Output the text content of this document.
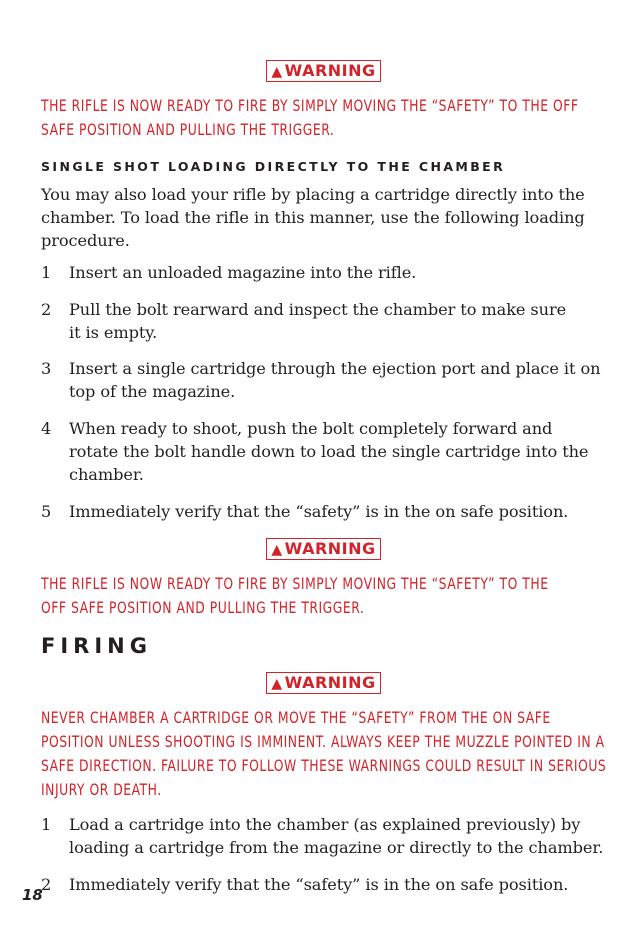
▲ WARNING

THE RIFLE IS NOW READY TO FIRE BY SIMPLY MOVING THE “SAFETY” TO THE OFF SAFE POSITION AND PULLING THE TRIGGER.

SINGLE SHOT LOADING DIRECTLY TO THE CHAMBER

You may also load your rifle by placing a cartridge directly into the chamber. To load the rifle in this manner, use the following loading procedure.

1	Insert an unloaded magazine into the rifle.
2	Pull the bolt rearward and inspect the chamber to make sure it is empty.
3	Insert a single cartridge through the ejection port and place it on top of the magazine.
4	When ready to shoot, push the bolt completely forward and rotate the bolt handle down to load the single cartridge into the chamber.
5	Immediately verify that the “safety” is in the on safe position.
▲ WARNING

THE RIFLE IS NOW READY TO FIRE BY SIMPLY MOVING THE “SAFETY” TO THE OFF SAFE POSITION AND PULLING THE TRIGGER.

FIRING

▲ WARNING

NEVER CHAMBER A CARTRIDGE OR MOVE THE “SAFETY” FROM THE ON SAFE POSITION UNLESS SHOOTING IS IMMINENT. ALWAYS KEEP THE MUZZLE POINTED IN A SAFE DIRECTION. FAILURE TO FOLLOW THESE WARNINGS COULD RESULT IN SERIOUS INJURY OR DEATH.

1	Load a cartridge into the chamber (as explained previously) by loading a cartridge from the magazine or directly to the chamber.
2	Immediately verify that the “safety” is in the on safe position.
18
